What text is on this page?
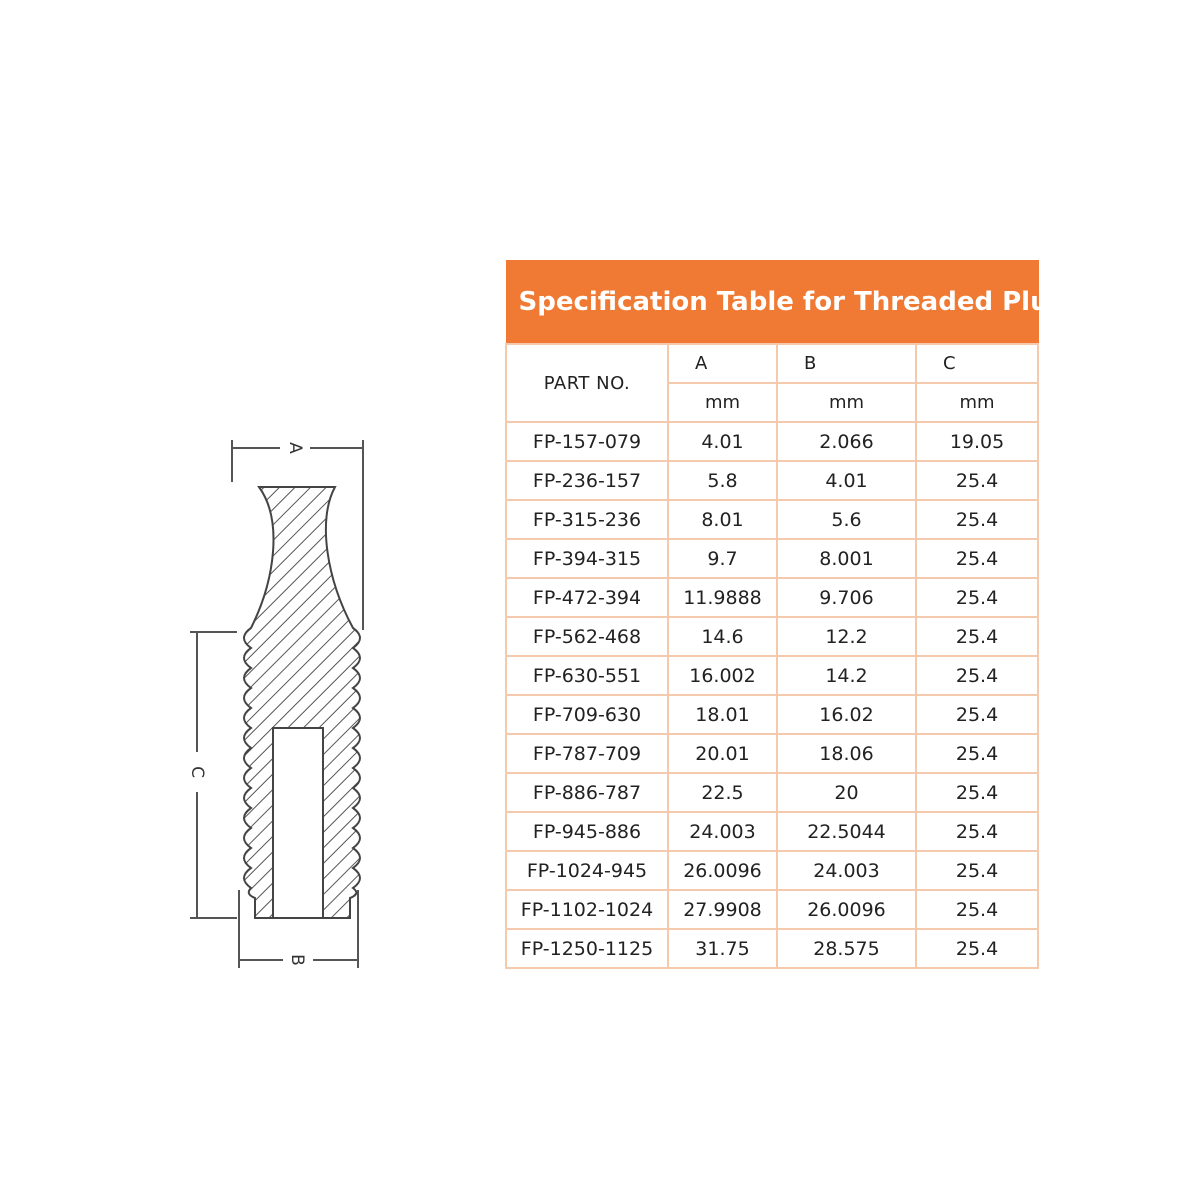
A
C
B
Specification Table for Threaded Plug			
PART NO.	A	B	C
	mm	mm	mm
FP-157-079	4.01	2.066	19.05
FP-236-157	5.8	4.01	25.4
FP-315-236	8.01	5.6	25.4
FP-394-315	9.7	8.001	25.4
FP-472-394	11.9888	9.706	25.4
FP-562-468	14.6	12.2	25.4
FP-630-551	16.002	14.2	25.4
FP-709-630	18.01	16.02	25.4
FP-787-709	20.01	18.06	25.4
FP-886-787	22.5	20	25.4
FP-945-886	24.003	22.5044	25.4
FP-1024-945	26.0096	24.003	25.4
FP-1102-1024	27.9908	26.0096	25.4
FP-1250-1125	31.75	28.575	25.4
